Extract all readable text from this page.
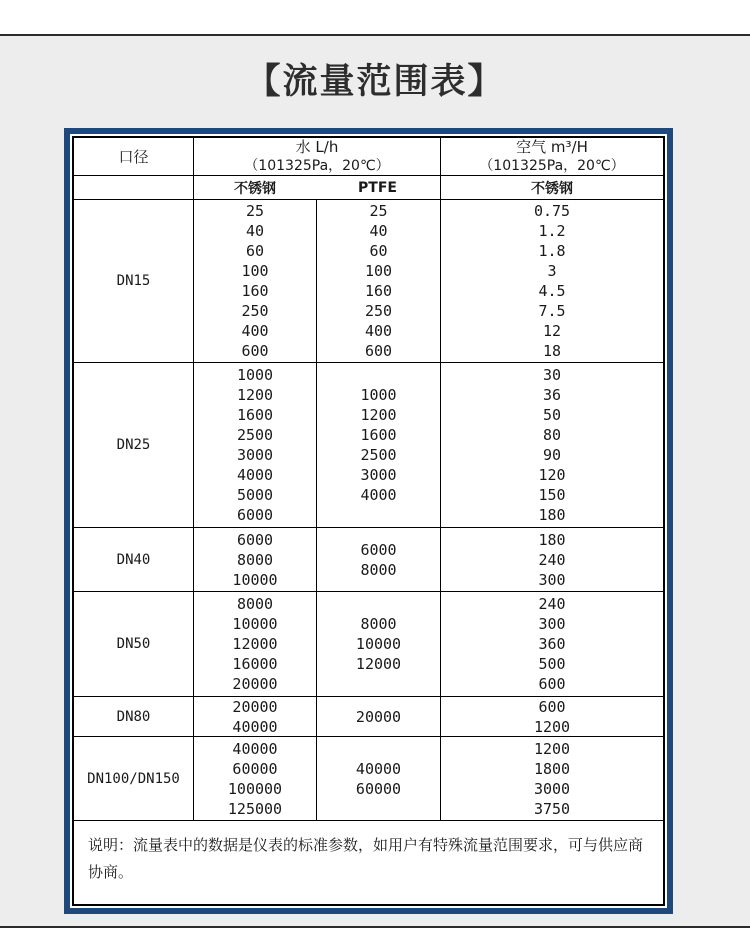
【流量范围表】
口径
水 L/h
（101325Pa，20℃）
空气 m³/H
（101325Pa，20℃）
不锈钢	PTFE	不锈钢
DN15
25
40
60
100
160
250
400
600
25
40
60
100
160
250
400
600
0.75
1.2
1.8
3
4.5
7.5
12
18
DN25
1000
1200
1600
2500
3000
4000
5000
6000
1000
1200
1600
2500
3000
4000
30
36
50
80
90
120
150
180
DN40
6000
8000
10000
6000
8000
180
240
300
DN50
8000
10000
12000
16000
20000
8000
10000
12000
240
300
360
500
600
DN80
20000
40000
20000
600
1200
DN100/DN150
40000
60000
100000
125000
40000
60000
1200
1800
3000
3750
说明：流量表中的数据是仪表的标准参数，如用户有特殊流量范围要求，可与供应商协商。
